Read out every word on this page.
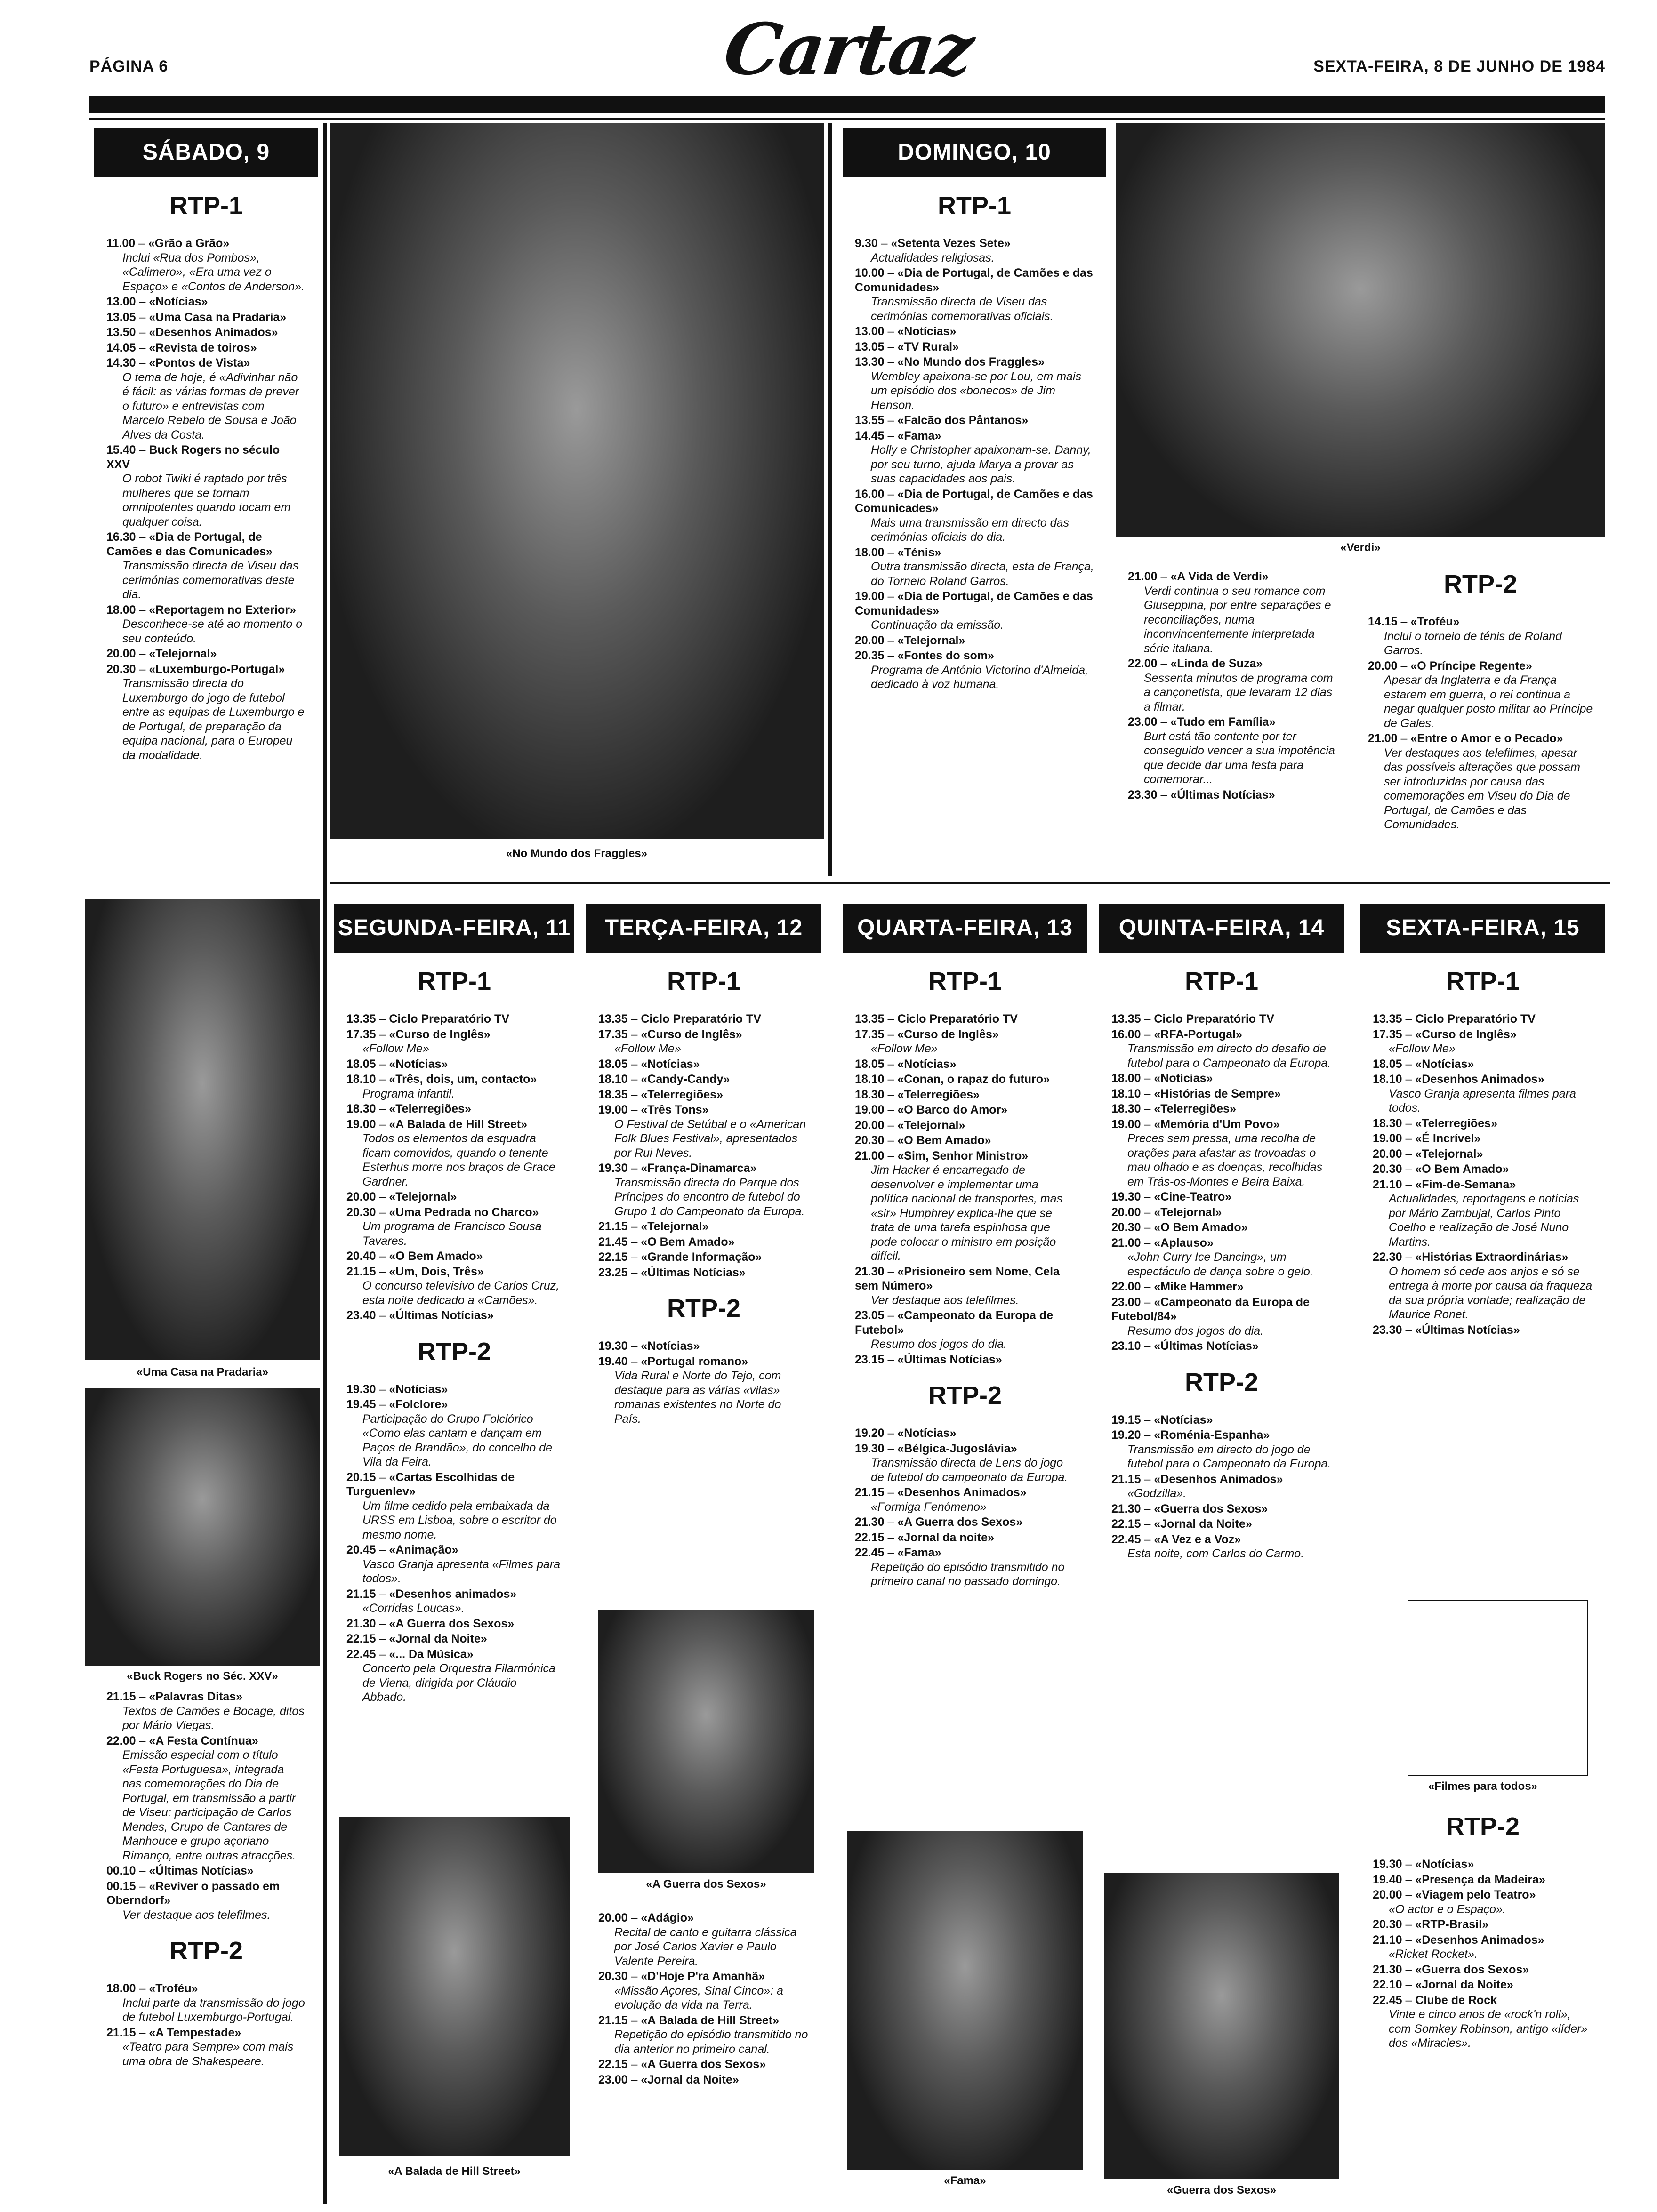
PÁGINA 6	Cartaz	SEXTA-FEIRA, 8 DE JUNHO DE 1984
SÁBADO, 9
RTP-1
11.00 – «Grão a Grão»
Inclui «Rua dos Pombos», «Calimero», «Era uma vez o Espaço» e «Contos de Anderson».
13.00 – «Notícias»
13.05 – «Uma Casa na Pradaria»
13.50 – «Desenhos Animados»
14.05 – «Revista de toiros»
14.30 – «Pontos de Vista»
O tema de hoje, é «Adivinhar não é fácil: as várias formas de prever o futuro» e entrevistas com Marcelo Rebelo de Sousa e João Alves da Costa.
15.40 – Buck Rogers no século XXV
O robot Twiki é raptado por três mulheres que se tornam omnipotentes quando tocam em qualquer coisa.
16.30 – «Dia de Portugal, de Camões e das Comunicades»
Transmissão directa de Viseu das cerimónias comemorativas deste dia.
18.00 – «Reportagem no Exterior»
Desconhece-se até ao momento o seu conteúdo.
20.00 – «Telejornal»
20.30 – «Luxemburgo-Portugal»
Transmissão directa do Luxemburgo do jogo de futebol entre as equipas de Luxemburgo e de Portugal, de preparação da equipa nacional, para o Europeu da modalidade.
«Uma Casa na Pradaria»
«Buck Rogers no Séc. XXV»
21.15 – «Palavras Ditas»
Textos de Camões e Bocage, ditos por Mário Viegas.
22.00 – «A Festa Contínua»
Emissão especial com o título «Festa Portuguesa», integrada nas comemorações do Dia de Portugal, em transmissão a partir de Viseu: participação de Carlos Mendes, Grupo de Cantares de Manhouce e grupo açoriano Rimanço, entre outras atracções.
00.10 – «Últimas Notícias»
00.15 – «Reviver o passado em Oberndorf»
Ver destaque aos telefilmes.
RTP-2
18.00 – «Troféu»
Inclui parte da transmissão do jogo de futebol Luxemburgo-Portugal.
21.15 – «A Tempestade»
«Teatro para Sempre» com mais uma obra de Shakespeare.
«No Mundo dos Fraggles»
DOMINGO, 10
RTP-1
9.30 – «Setenta Vezes Sete»
Actualidades religiosas.
10.00 – «Dia de Portugal, de Camões e das Comunidades»
Transmissão directa de Viseu das cerimónias comemorativas oficiais.
13.00 – «Notícias»
13.05 – «TV Rural»
13.30 – «No Mundo dos Fraggles»
Wembley apaixona-se por Lou, em mais um episódio dos «bonecos» de Jim Henson.
13.55 – «Falcão dos Pântanos»
14.45 – «Fama»
Holly e Christopher apaixonam-se. Danny, por seu turno, ajuda Marya a provar as suas capacidades aos pais.
16.00 – «Dia de Portugal, de Camões e das Comunicades»
Mais uma transmissão em directo das cerimónias oficiais do dia.
18.00 – «Ténis»
Outra transmissão directa, esta de França, do Torneio Roland Garros.
19.00 – «Dia de Portugal, de Camões e das Comunidades»
Continuação da emissão.
20.00 – «Telejornal»
20.35 – «Fontes do som»
Programa de António Victorino d'Almeida, dedicado à voz humana.
«Verdi»
21.00 – «A Vida de Verdi»
Verdi continua o seu romance com Giuseppina, por entre separações e reconciliações, numa inconvincentemente interpretada série italiana.
22.00 – «Linda de Suza»
Sessenta minutos de programa com a cançonetista, que levaram 12 dias a filmar.
23.00 – «Tudo em Família»
Burt está tão contente por ter conseguido vencer a sua impotência que decide dar uma festa para comemorar...
23.30 – «Últimas Notícias»
RTP-2
14.15 – «Troféu»
Inclui o torneio de ténis de Roland Garros.
20.00 – «O Príncipe Regente»
Apesar da Inglaterra e da França estarem em guerra, o rei continua a negar qualquer posto militar ao Príncipe de Gales.
21.00 – «Entre o Amor e o Pecado»
Ver destaques aos telefilmes, apesar das possíveis alterações que possam ser introduzidas por causa das comemorações em Viseu do Dia de Portugal, de Camões e das Comunidades.
SEGUNDA-FEIRA, 11
RTP-1
13.35 – Ciclo Preparatório TV
17.35 – «Curso de Inglês»
«Follow Me»
18.05 – «Notícias»
18.10 – «Três, dois, um, contacto»
Programa infantil.
18.30 – «Telerregiões»
19.00 – «A Balada de Hill Street»
Todos os elementos da esquadra ficam comovidos, quando o tenente Esterhus morre nos braços de Grace Gardner.
20.00 – «Telejornal»
20.30 – «Uma Pedrada no Charco»
Um programa de Francisco Sousa Tavares.
20.40 – «O Bem Amado»
21.15 – «Um, Dois, Três»
O concurso televisivo de Carlos Cruz, esta noite dedicado a «Camões».
23.40 – «Últimas Notícias»
RTP-2
19.30 – «Notícias»
19.45 – «Folclore»
Participação do Grupo Folclórico «Como elas cantam e dançam em Paços de Brandão», do concelho de Vila da Feira.
20.15 – «Cartas Escolhidas de Turguenlev»
Um filme cedido pela embaixada da URSS em Lisboa, sobre o escritor do mesmo nome.
20.45 – «Animação»
Vasco Granja apresenta «Filmes para todos».
21.15 – «Desenhos animados»
«Corridas Loucas».
21.30 – «A Guerra dos Sexos»
22.15 – «Jornal da Noite»
22.45 – «... Da Música»
Concerto pela Orquestra Filarmónica de Viena, dirigida por Cláudio Abbado.
«A Balada de Hill Street»
TERÇA-FEIRA, 12
RTP-1
13.35 – Ciclo Preparatório TV
17.35 – «Curso de Inglês»
«Follow Me»
18.05 – «Notícias»
18.10 – «Candy-Candy»
18.35 – «Telerregiões»
19.00 – «Três Tons»
O Festival de Setúbal e o «American Folk Blues Festival», apresentados por Rui Neves.
19.30 – «França-Dinamarca»
Transmissão directa do Parque dos Príncipes do encontro de futebol do Grupo 1 do Campeonato da Europa.
21.15 – «Telejornal»
21.45 – «O Bem Amado»
22.15 – «Grande Informação»
23.25 – «Últimas Notícias»
RTP-2
19.30 – «Notícias»
19.40 – «Portugal romano»
Vida Rural e Norte do Tejo, com destaque para as várias «vilas» romanas existentes no Norte do País.
«A Guerra dos Sexos»
20.00 – «Adágio»
Recital de canto e guitarra clássica por José Carlos Xavier e Paulo Valente Pereira.
20.30 – «D'Hoje P'ra Amanhã»
«Missão Açores, Sinal Cinco»: a evolução da vida na Terra.
21.15 – «A Balada de Hill Street»
Repetição do episódio transmitido no dia anterior no primeiro canal.
22.15 – «A Guerra dos Sexos»
23.00 – «Jornal da Noite»
QUARTA-FEIRA, 13
RTP-1
13.35 – Ciclo Preparatório TV
17.35 – «Curso de Inglês»
«Follow Me»
18.05 – «Notícias»
18.10 – «Conan, o rapaz do futuro»
18.30 – «Telerregiões»
19.00 – «O Barco do Amor»
20.00 – «Telejornal»
20.30 – «O Bem Amado»
21.00 – «Sim, Senhor Ministro»
Jim Hacker é encarregado de desenvolver e implementar uma política nacional de transportes, mas «sir» Humphrey explica-lhe que se trata de uma tarefa espinhosa que pode colocar o ministro em posição difícil.
21.30 – «Prisioneiro sem Nome, Cela sem Número»
Ver destaque aos telefilmes.
23.05 – «Campeonato da Europa de Futebol»
Resumo dos jogos do dia.
23.15 – «Últimas Notícias»
RTP-2
19.20 – «Notícias»
19.30 – «Bélgica-Jugoslávia»
Transmissão directa de Lens do jogo de futebol do campeonato da Europa.
21.15 – «Desenhos Animados»
«Formiga Fenómeno»
21.30 – «A Guerra dos Sexos»
22.15 – «Jornal da noite»
22.45 – «Fama»
Repetição do episódio transmitido no primeiro canal no passado domingo.
«Fama»
QUINTA-FEIRA, 14
RTP-1
13.35 – Ciclo Preparatório TV
16.00 – «RFA-Portugal»
Transmissão em directo do desafio de futebol para o Campeonato da Europa.
18.00 – «Notícias»
18.10 – «Histórias de Sempre»
18.30 – «Telerregiões»
19.00 – «Memória d'Um Povo»
Preces sem pressa, uma recolha de orações para afastar as trovoadas o mau olhado e as doenças, recolhidas em Trás-os-Montes e Beira Baixa.
19.30 – «Cine-Teatro»
20.00 – «Telejornal»
20.30 – «O Bem Amado»
21.00 – «Aplauso»
«John Curry Ice Dancing», um espectáculo de dança sobre o gelo.
22.00 – «Mike Hammer»
23.00 – «Campeonato da Europa de Futebol/84»
Resumo dos jogos do dia.
23.10 – «Últimas Notícias»
RTP-2
19.15 – «Notícias»
19.20 – «Roménia-Espanha»
Transmissão em directo do jogo de futebol para o Campeonato da Europa.
21.15 – «Desenhos Animados»
«Godzilla».
21.30 – «Guerra dos Sexos»
22.15 – «Jornal da Noite»
22.45 – «A Vez e a Voz»
Esta noite, com Carlos do Carmo.
«Guerra dos Sexos»
SEXTA-FEIRA, 15
RTP-1
13.35 – Ciclo Preparatório TV
17.35 – «Curso de Inglês»
«Follow Me»
18.05 – «Notícias»
18.10 – «Desenhos Animados»
Vasco Granja apresenta filmes para todos.
18.30 – «Telerregiões»
19.00 – «É Incrível»
20.00 – «Telejornal»
20.30 – «O Bem Amado»
21.10 – «Fim-de-Semana»
Actualidades, reportagens e notícias por Mário Zambujal, Carlos Pinto Coelho e realização de José Nuno Martins.
22.30 – «Histórias Extraordinárias»
O homem só cede aos anjos e só se entrega à morte por causa da fraqueza da sua própria vontade; realização de Maurice Ronet.
23.30 – «Últimas Notícias»
«Filmes para todos»
RTP-2
19.30 – «Notícias»
19.40 – «Presença da Madeira»
20.00 – «Viagem pelo Teatro»
«O actor e o Espaço».
20.30 – «RTP-Brasil»
21.10 – «Desenhos Animados»
«Ricket Rocket».
21.30 – «Guerra dos Sexos»
22.10 – «Jornal da Noite»
22.45 – Clube de Rock
Vinte e cinco anos de «rock'n roll», com Somkey Robinson, antigo «líder» dos «Miracles».
